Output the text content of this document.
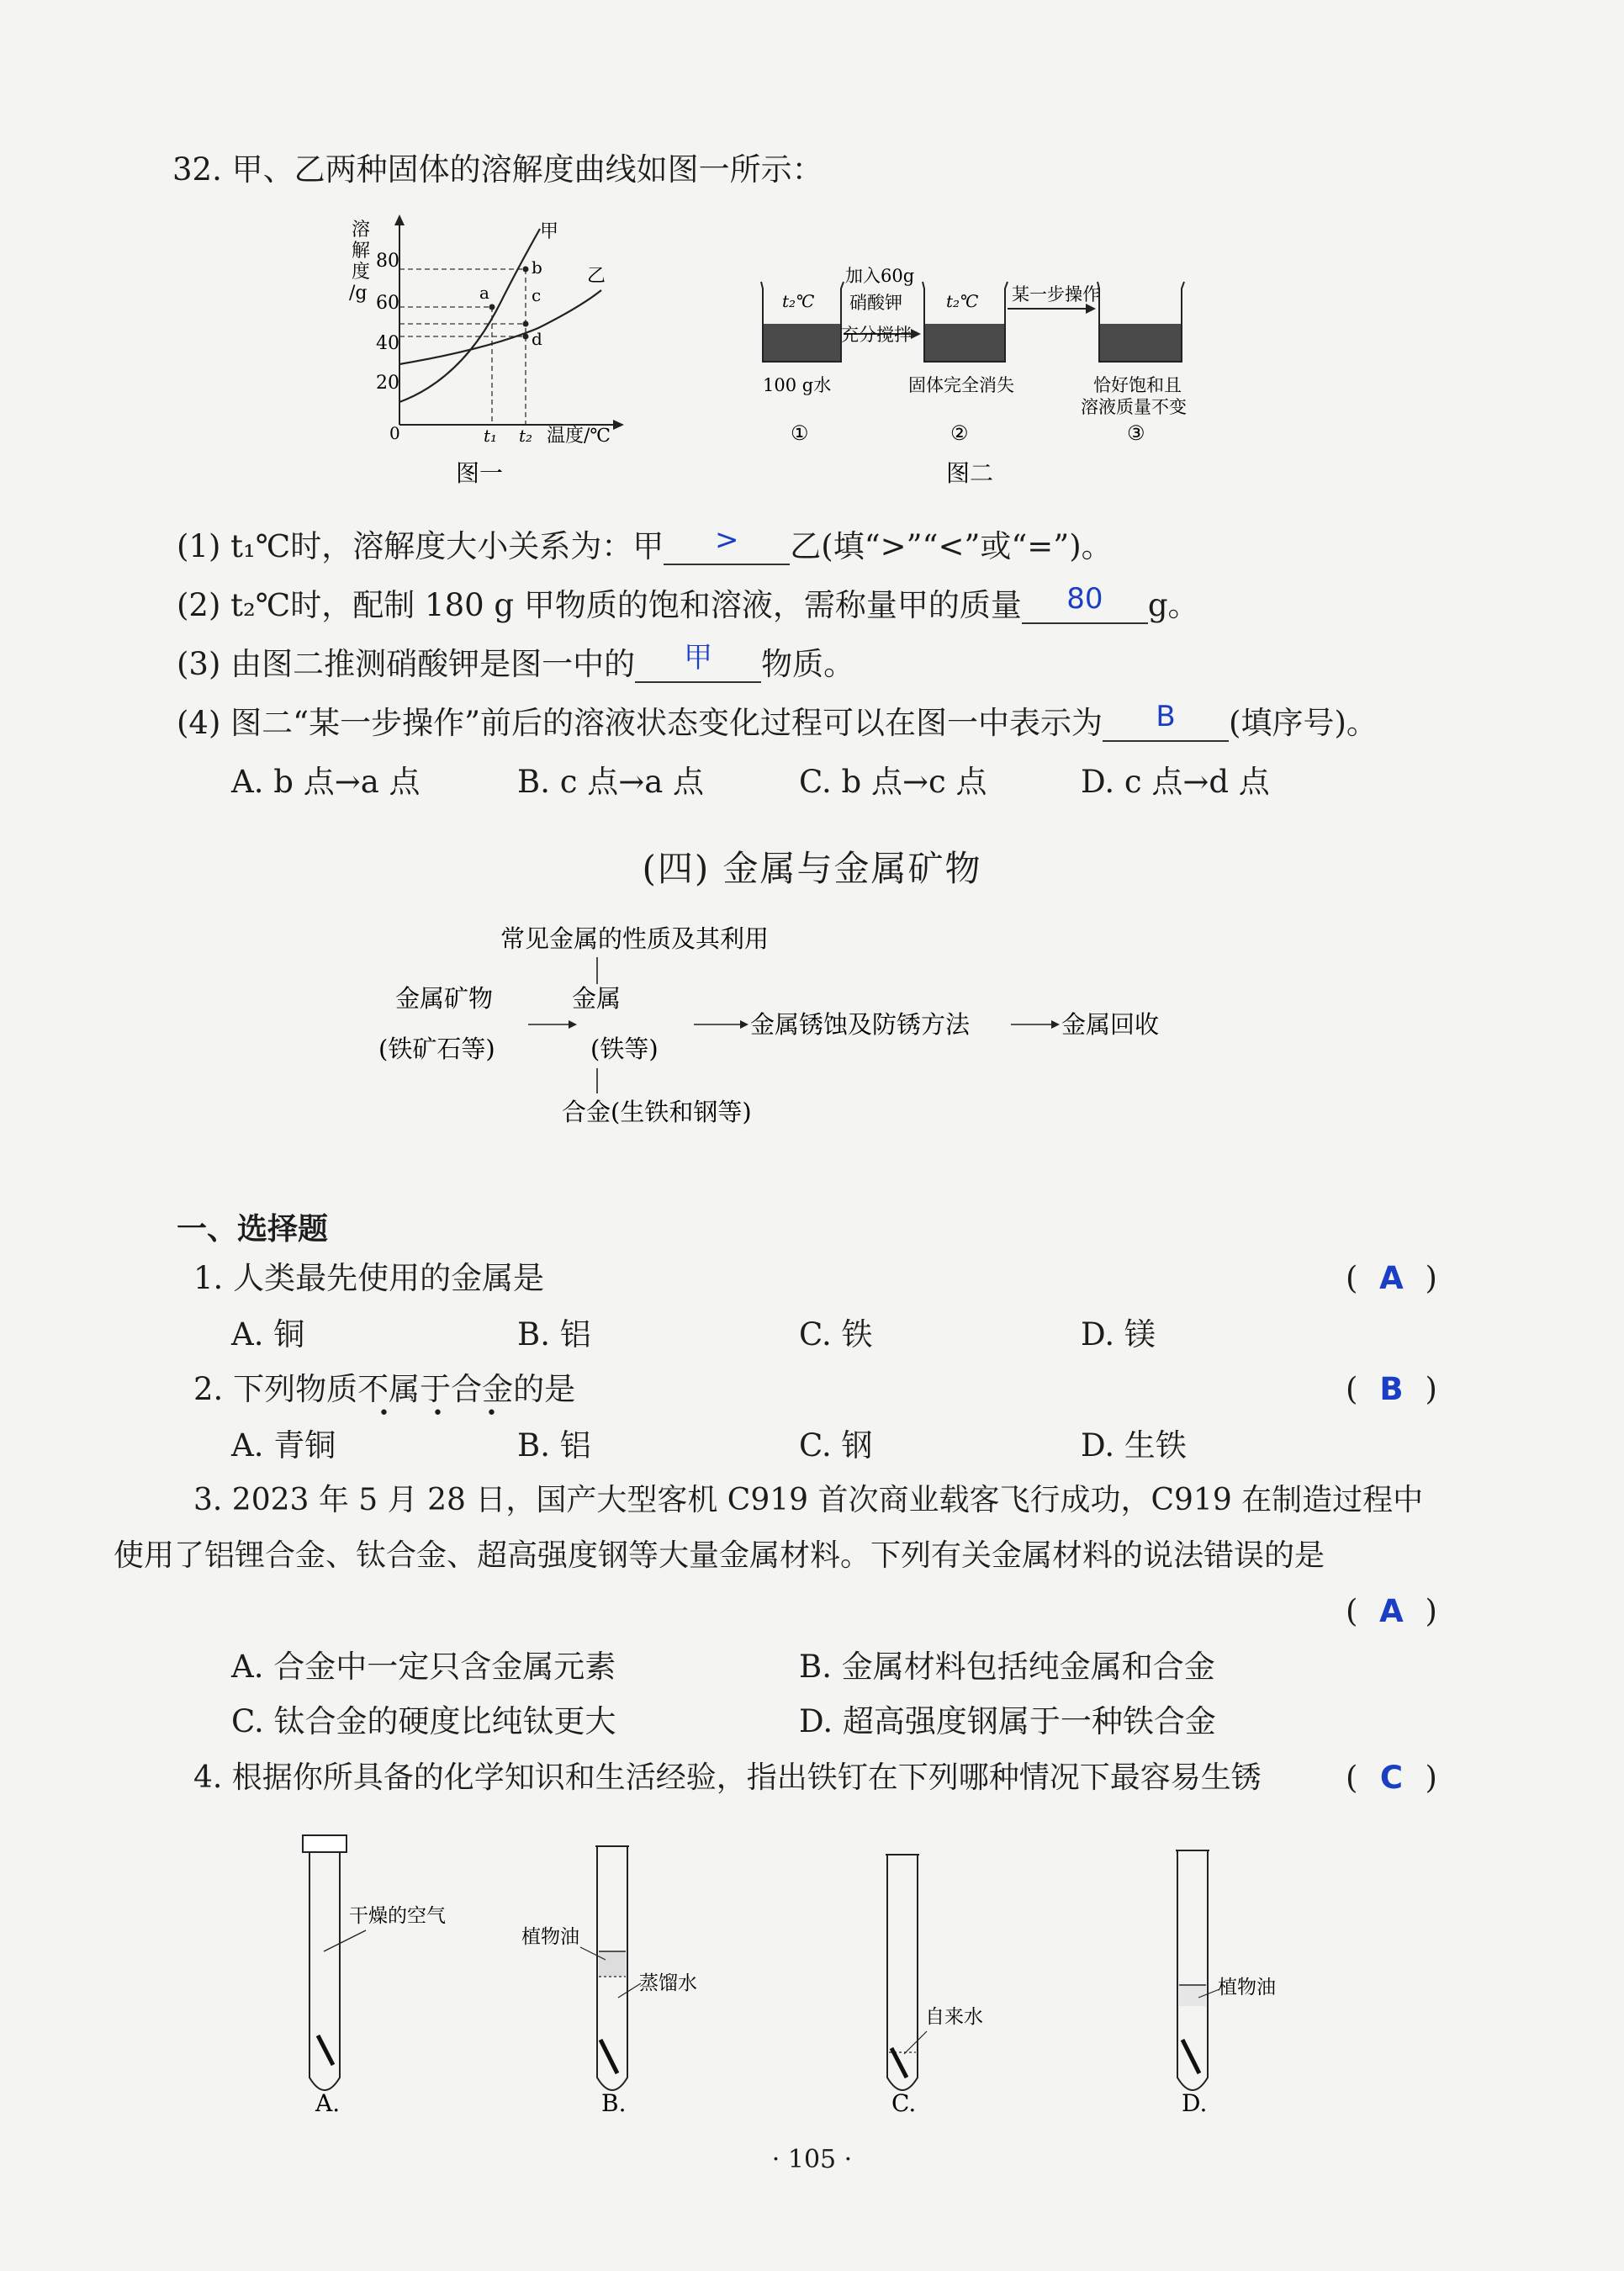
32. 甲、乙两种固体的溶解度曲线如图一所示：
溶
解
度
/g
80
60
40
20
0
甲
乙
a
b
c
d
t₁ t₂ 温度/℃
图一
t₂℃
加入60g
硝酸钾
充分搅拌
t₂℃ 某一步操作
100 g水	固体完全消失	恰好饱和且
溶液质量不变
①	②	③
图二
(1) t₁℃时，溶解度大小关系为：甲	>	乙(填“>”“<”或“=”)。
(2) t₂℃时，配制 180 g 甲物质的饱和溶液，需称量甲的质量	80	g。
(3) 由图二推测硝酸钾是图一中的	甲	物质。
(4) 图二“某一步操作”前后的溶液状态变化过程可以在图一中表示为	B	(填序号)。
A. b 点→a 点	B. c 点→a 点	C. b 点→c 点	D. c 点→d 点
(四) 金属与金属矿物
常见金属的性质及其利用
金属矿物
(铁矿石等)
金属
(铁等)
金属锈蚀及防锈方法	金属回收
合金(生铁和钢等)
一、选择题
1. 人类最先使用的金属是	( A )
A. 铜	B. 铝	C. 铁	D. 镁
2. 下列物质不属于合金的是
• • •
( B )
A. 青铜	B. 铝	C. 钢	D. 生铁
3. 2023 年 5 月 28 日，国产大型客机 C919 首次商业载客飞行成功，C919 在制造过程中
使用了铝锂合金、钛合金、超高强度钢等大量金属材料。下列有关金属材料的说法错误的是
( A )
A. 合金中一定只含金属元素	B. 金属材料包括纯金属和合金
C. 钛合金的硬度比纯钛更大	D. 超高强度钢属于一种铁合金
4. 根据你所具备的化学知识和生活经验，指出铁钉在下列哪种情况下最容易生锈	( C )
干燥的空气
A.
植物油
蒸馏水
B.
自来水
C.
植物油
D.
· 105 ·
